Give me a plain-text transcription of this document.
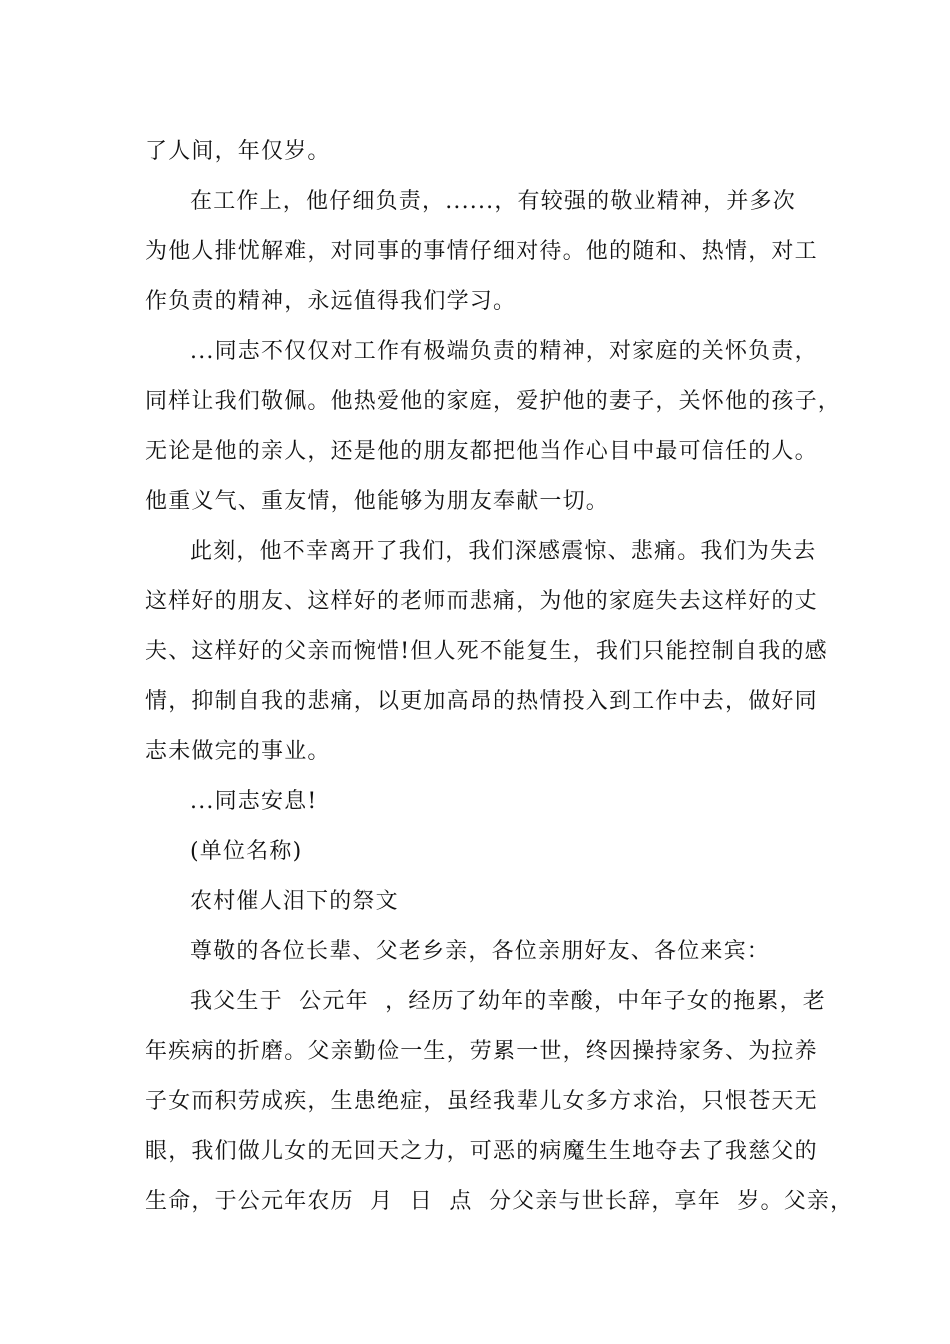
了人间，年仅岁。

在工作上，他仔细负责，......，有较强的敬业精神，并多次

为他人排忧解难，对同事的事情仔细对待。他的随和、热情，对工

作负责的精神，永远值得我们学习。

...同志不仅仅对工作有极端负责的精神，对家庭的关怀负责，

同样让我们敬佩。他热爱他的家庭，爱护他的妻子，关怀他的孩子，

无论是他的亲人，还是他的朋友都把他当作心目中最可信任的人。

他重义气、重友情，他能够为朋友奉献一切。

此刻，他不幸离开了我们，我们深感震惊、悲痛。我们为失去

这样好的朋友、这样好的老师而悲痛，为他的家庭失去这样好的丈

夫、这样好的父亲而惋惜!但人死不能复生，我们只能控制自我的感

情，抑制自我的悲痛，以更加高昂的热情投入到工作中去，做好同

志未做完的事业。

...同志安息!

(单位名称)

农村催人泪下的祭文

尊敬的各位长辈、父老乡亲，各位亲朋好友、各位来宾：

我父生于  公元年  ，经历了幼年的幸酸，中年子女的拖累，老

年疾病的折磨。父亲勤俭一生，劳累一世，终因操持家务、为拉养

子女而积劳成疾，生患绝症，虽经我辈儿女多方求治，只恨苍天无

眼，我们做儿女的无回天之力，可恶的病魔生生地夺去了我慈父的

生命，于公元年农历  月  日  点  分父亲与世长辞，享年  岁。父亲，
